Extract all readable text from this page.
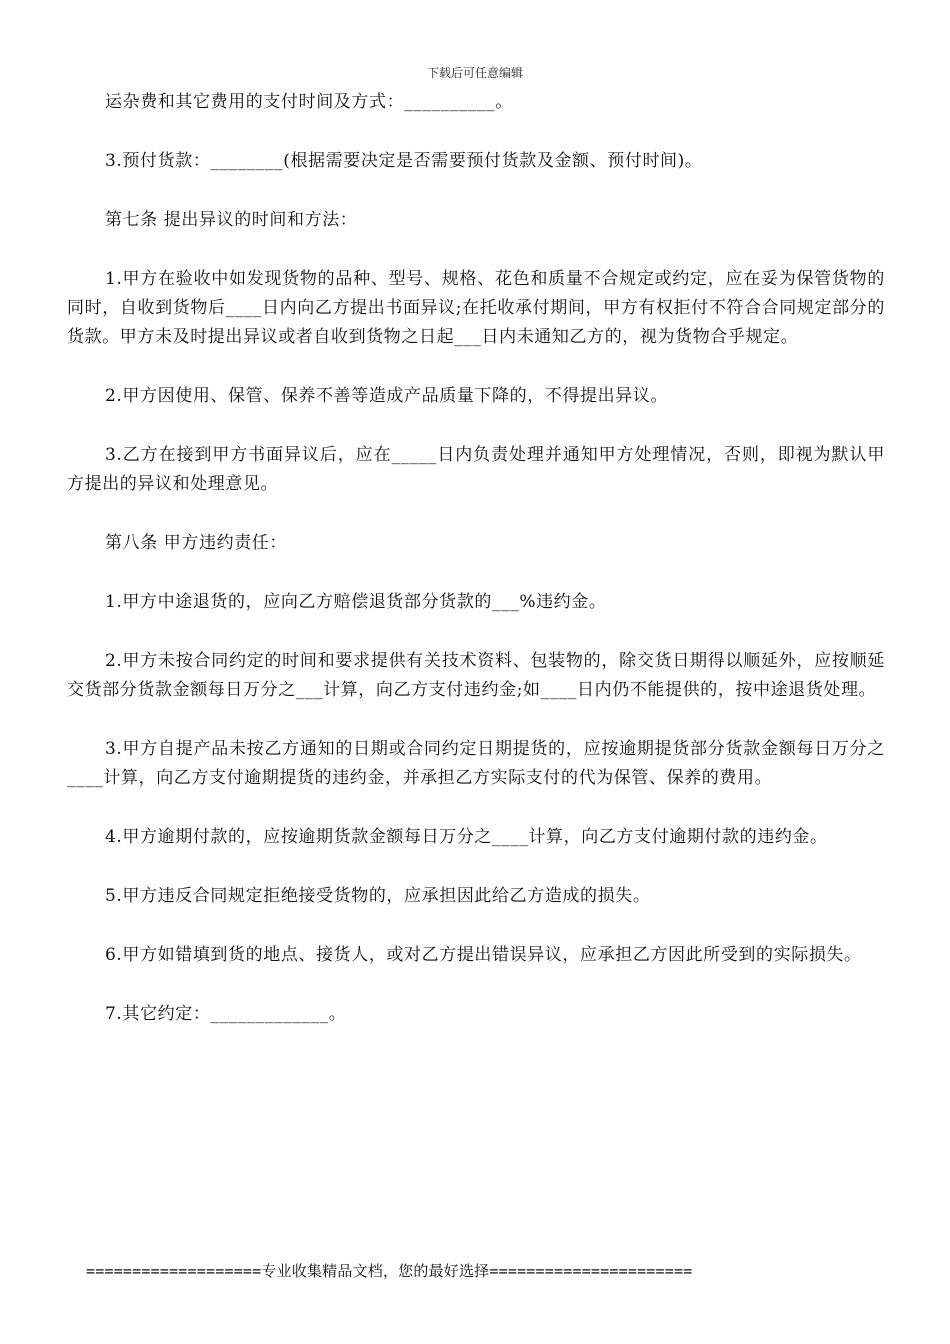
下载后可任意编辑

运杂费和其它费用的支付时间及方式：__________。

3.预付货款：________(根据需要决定是否需要预付货款及金额、预付时间)。

第七条 提出异议的时间和方法：

1.甲方在验收中如发现货物的品种、型号、规格、花色和质量不合规定或约定，应在妥为保管货物的同时，自收到货物后____日内向乙方提出书面异议;在托收承付期间，甲方有权拒付不符合合同规定部分的货款。甲方未及时提出异议或者自收到货物之日起___日内未通知乙方的，视为货物合乎规定。

2.甲方因使用、保管、保养不善等造成产品质量下降的，不得提出异议。

3.乙方在接到甲方书面异议后，应在_____日内负责处理并通知甲方处理情况，否则，即视为默认甲方提出的异议和处理意见。

第八条 甲方违约责任：

1.甲方中途退货的，应向乙方赔偿退货部分货款的___%违约金。

2.甲方未按合同约定的时间和要求提供有关技术资料、包装物的，除交货日期得以顺延外，应按顺延交货部分货款金额每日万分之___计算，向乙方支付违约金;如____日内仍不能提供的，按中途退货处理。

3.甲方自提产品未按乙方通知的日期或合同约定日期提货的，应按逾期提货部分货款金额每日万分之____计算，向乙方支付逾期提货的违约金，并承担乙方实际支付的代为保管、保养的费用。

4.甲方逾期付款的，应按逾期货款金额每日万分之____计算，向乙方支付逾期付款的违约金。

5.甲方违反合同规定拒绝接受货物的，应承担因此给乙方造成的损失。

6.甲方如错填到货的地点、接货人，或对乙方提出错误异议，应承担乙方因此所受到的实际损失。

7.其它约定：_____________。

===================专业收集精品文档，您的最好选择======================
